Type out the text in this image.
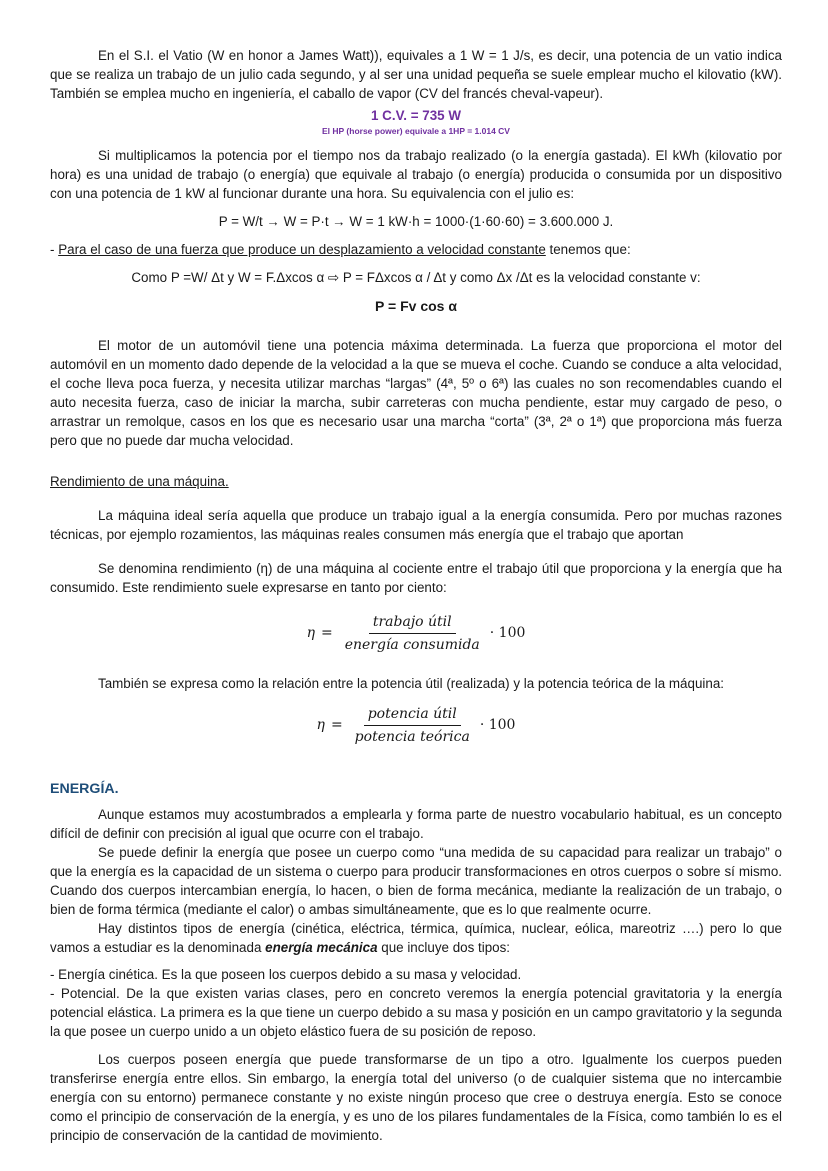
En el S.I. el Vatio (W en honor a James Watt)), equivales a 1 W = 1 J/s, es decir, una potencia de un vatio indica que se realiza un trabajo de un julio cada segundo, y al ser una unidad pequeña se suele emplear mucho el kilovatio (kW). También se emplea mucho en ingeniería, el caballo de vapor (CV del francés cheval-vapeur).

1 C.V. = 735 W
El HP (horse power) equivale a 1HP = 1.014 CV

Si multiplicamos la potencia por el tiempo nos da trabajo realizado (o la energía gastada). El kWh (kilovatio por hora) es una unidad de trabajo (o energía) que equivale al trabajo (o energía) producida o consumida por un dispositivo con una potencia de 1 kW al funcionar durante una hora. Su equivalencia con el julio es:

P = W/t → W = P·t → W = 1 kW·h = 1000·(1·60·60) = 3.600.000 J.

- Para el caso de una fuerza que produce un desplazamiento a velocidad constante tenemos que:

Como P =W/ Δt y W = F.Δxcos α ⇨ P = FΔxcos α / Δt y como Δx /Δt es la velocidad constante v:
P = Fv cos α

El motor de un automóvil tiene una potencia máxima determinada. La fuerza que proporciona el motor del automóvil en un momento dado depende de la velocidad a la que se mueva el coche. Cuando se conduce a alta velocidad, el coche lleva poca fuerza, y necesita utilizar marchas “largas” (4ª, 5º o 6ª) las cuales no son recomendables cuando el auto necesita fuerza, caso de iniciar la marcha, subir carreteras con mucha pendiente, estar muy cargado de peso, o arrastrar un remolque, casos en los que es necesario usar una marcha “corta” (3ª, 2ª o 1ª) que proporciona más fuerza pero que no puede dar mucha velocidad.

Rendimiento de una máquina.

La máquina ideal sería aquella que produce un trabajo igual a la energía consumida. Pero por muchas razones técnicas, por ejemplo rozamientos, las máquinas reales consumen más energía que el trabajo que aportan

Se denomina rendimiento (η) de una máquina al cociente entre el trabajo útil que proporciona y la energía que ha consumido. Este rendimiento suele expresarse en tanto por ciento:

$\eta = \frac{\text{trabajo útil}}{\text{energía consumida}} \cdot 100$

También se expresa como la relación entre la potencia útil (realizada) y la potencia teórica de la máquina:

$\eta = \frac{\text{potencia útil}}{\text{potencia teórica}} \cdot 100$

ENERGÍA.

Aunque estamos muy acostumbrados a emplearla y forma parte de nuestro vocabulario habitual, es un concepto difícil de definir con precisión al igual que ocurre con el trabajo.

Se puede definir la energía que posee un cuerpo como “una medida de su capacidad para realizar un trabajo” o que la energía es la capacidad de un sistema o cuerpo para producir transformaciones en otros cuerpos o sobre sí mismo. Cuando dos cuerpos intercambian energía, lo hacen, o bien de forma mecánica, mediante la realización de un trabajo, o bien de forma térmica (mediante el calor) o ambas simultáneamente, que es lo que realmente ocurre.

Hay distintos tipos de energía (cinética, eléctrica, térmica, química, nuclear, eólica, mareotriz ….) pero lo que vamos a estudiar es la denominada energía mecánica que incluye dos tipos:

- Energía cinética. Es la que poseen los cuerpos debido a su masa y velocidad.

- Potencial. De la que existen varias clases, pero en concreto veremos la energía potencial gravitatoria y la energía potencial elástica. La primera es la que tiene un cuerpo debido a su masa y posición en un campo gravitatorio y la segunda la que posee un cuerpo unido a un objeto elástico fuera de su posición de reposo.

Los cuerpos poseen energía que puede transformarse de un tipo a otro. Igualmente los cuerpos pueden transferirse energía entre ellos. Sin embargo, la energía total del universo (o de cualquier sistema que no intercambie energía con su entorno) permanece constante y no existe ningún proceso que cree o destruya energía. Esto se conoce como el principio de conservación de la energía, y es uno de los pilares fundamentales de la Física, como también lo es el principio de conservación de la cantidad de movimiento.
